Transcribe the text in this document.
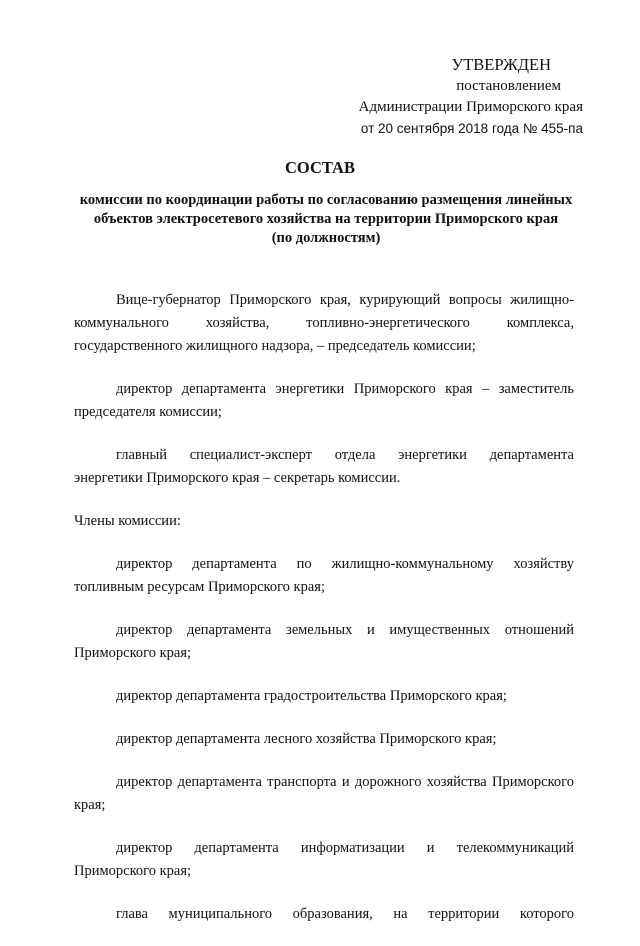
УТВЕРЖДЕН
постановлением
Администрации Приморского края
от 20 сентября 2018 года № 455-па
СОСТАВ
комиссии по координации работы по согласованию размещения линейных
объектов электросетевого хозяйства на территории Приморского края
(по должностям)

Вице-губернатор Приморского края, курирующий вопросы жилищно-
коммунального хозяйства, топливно-энергетического комплекса,
государственного жилищного надзора, – председатель комиссии;

директор департамента энергетики Приморского края – заместитель
председателя комиссии;

главный специалист-эксперт отдела энергетики департамента
энергетики Приморского края – секретарь комиссии.

Члены комиссии:

директор департамента по жилищно-коммунальному хозяйству
топливным ресурсам Приморского края;

директор департамента земельных и имущественных отношений
Приморского края;

директор департамента градостроительства Приморского края;

директор департамента лесного хозяйства Приморского края;

директор департамента транспорта и дорожного хозяйства Приморского
края;

директор департамента информатизации и телекоммуникаций
Приморского края;

глава муниципального образования, на территории которого
